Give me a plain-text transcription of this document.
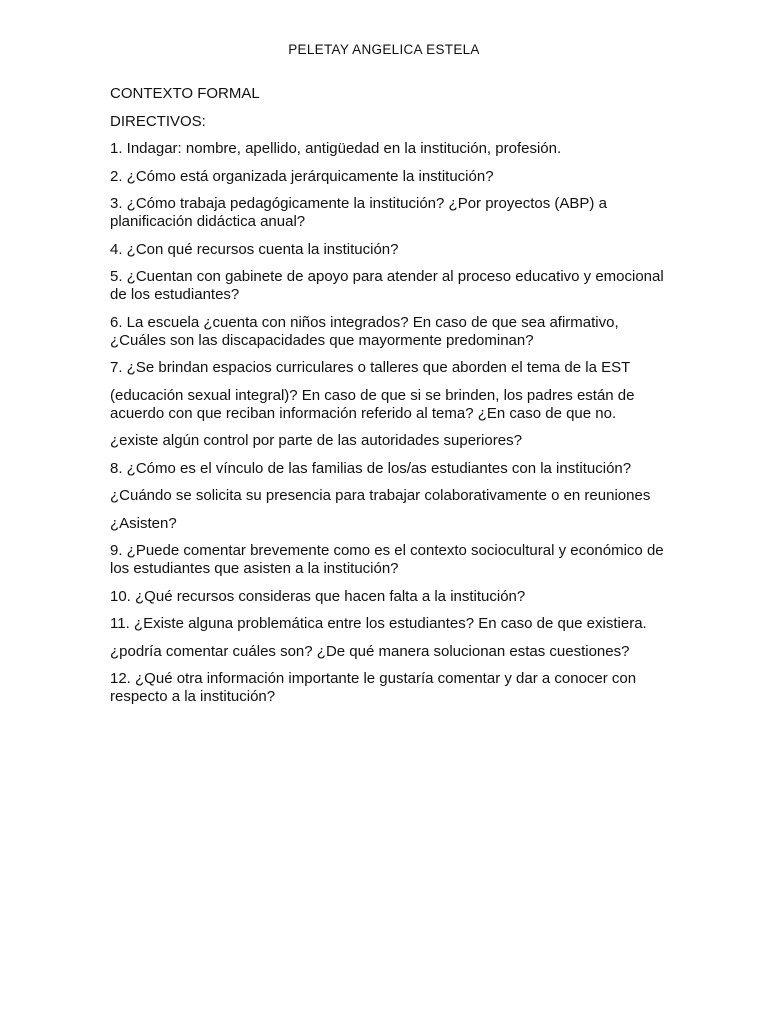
PELETAY ANGELICA ESTELA

CONTEXTO FORMAL

DIRECTIVOS:

1. Indagar: nombre, apellido, antigüedad en la institución, profesión.

2. ¿Cómo está organizada jerárquicamente la institución?

3. ¿Cómo trabaja pedagógicamente la institución? ¿Por proyectos (ABP) a planificación didáctica anual?

4. ¿Con qué recursos cuenta la institución?

5. ¿Cuentan con gabinete de apoyo para atender al proceso educativo y emocional de los estudiantes?

6. La escuela ¿cuenta con niños integrados? En caso de que sea afirmativo, ¿Cuáles son las discapacidades que mayormente predominan?

7. ¿Se brindan espacios curriculares o talleres que aborden el tema de la EST

(educación sexual integral)? En caso de que si se brinden, los padres están de acuerdo con que reciban información referido al tema? ¿En caso de que no.

¿existe algún control por parte de las autoridades superiores?

8. ¿Cómo es el vínculo de las familias de los/as estudiantes con la institución?

¿Cuándo se solicita su presencia para trabajar colaborativamente o en reuniones

¿Asisten?

9. ¿Puede comentar brevemente como es el contexto sociocultural y económico de los estudiantes que asisten a la institución?

10. ¿Qué recursos consideras que hacen falta a la institución?

11. ¿Existe alguna problemática entre los estudiantes? En caso de que existiera.

¿podría comentar cuáles son? ¿De qué manera solucionan estas cuestiones?

12. ¿Qué otra información importante le gustaría comentar y dar a conocer con respecto a la institución?
